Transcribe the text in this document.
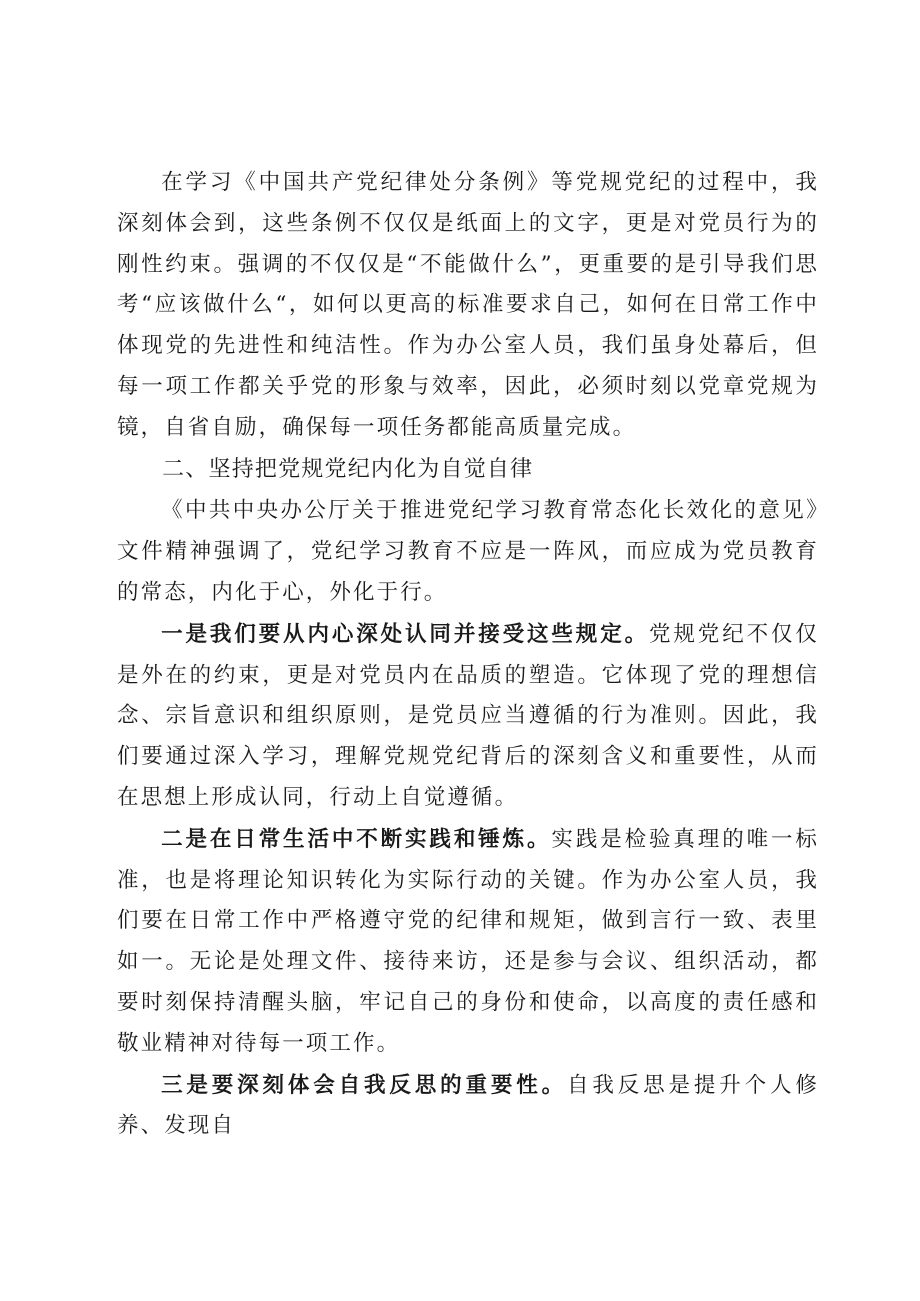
在学习《中国共产党纪律处分条例》等党规党纪的过程中，我深刻体会到，这些条例不仅仅是纸面上的文字，更是对党员行为的刚性约束。强调的不仅仅是“不能做什么”，更重要的是引导我们思考“应该做什么“，如何以更高的标准要求自己，如何在日常工作中体现党的先进性和纯洁性。作为办公室人员，我们虽身处幕后，但每一项工作都关乎党的形象与效率，因此，必须时刻以党章党规为镜，自省自励，确保每一项任务都能高质量完成。

二、坚持把党规党纪内化为自觉自律

《中共中央办公厅关于推进党纪学习教育常态化长效化的意见》文件精神强调了，党纪学习教育不应是一阵风，而应成为党员教育的常态，内化于心，外化于行。

一是我们要从内心深处认同并接受这些规定。党规党纪不仅仅是外在的约束，更是对党员内在品质的塑造。它体现了党的理想信念、宗旨意识和组织原则，是党员应当遵循的行为准则。因此，我们要通过深入学习，理解党规党纪背后的深刻含义和重要性，从而在思想上形成认同，行动上自觉遵循。

二是在日常生活中不断实践和锤炼。实践是检验真理的唯一标准，也是将理论知识转化为实际行动的关键。作为办公室人员，我们要在日常工作中严格遵守党的纪律和规矩，做到言行一致、表里如一。无论是处理文件、接待来访，还是参与会议、组织活动，都要时刻保持清醒头脑，牢记自己的身份和使命，以高度的责任感和敬业精神对待每一项工作。

三是要深刻体会自我反思的重要性。自我反思是提升个人修养、发现自
